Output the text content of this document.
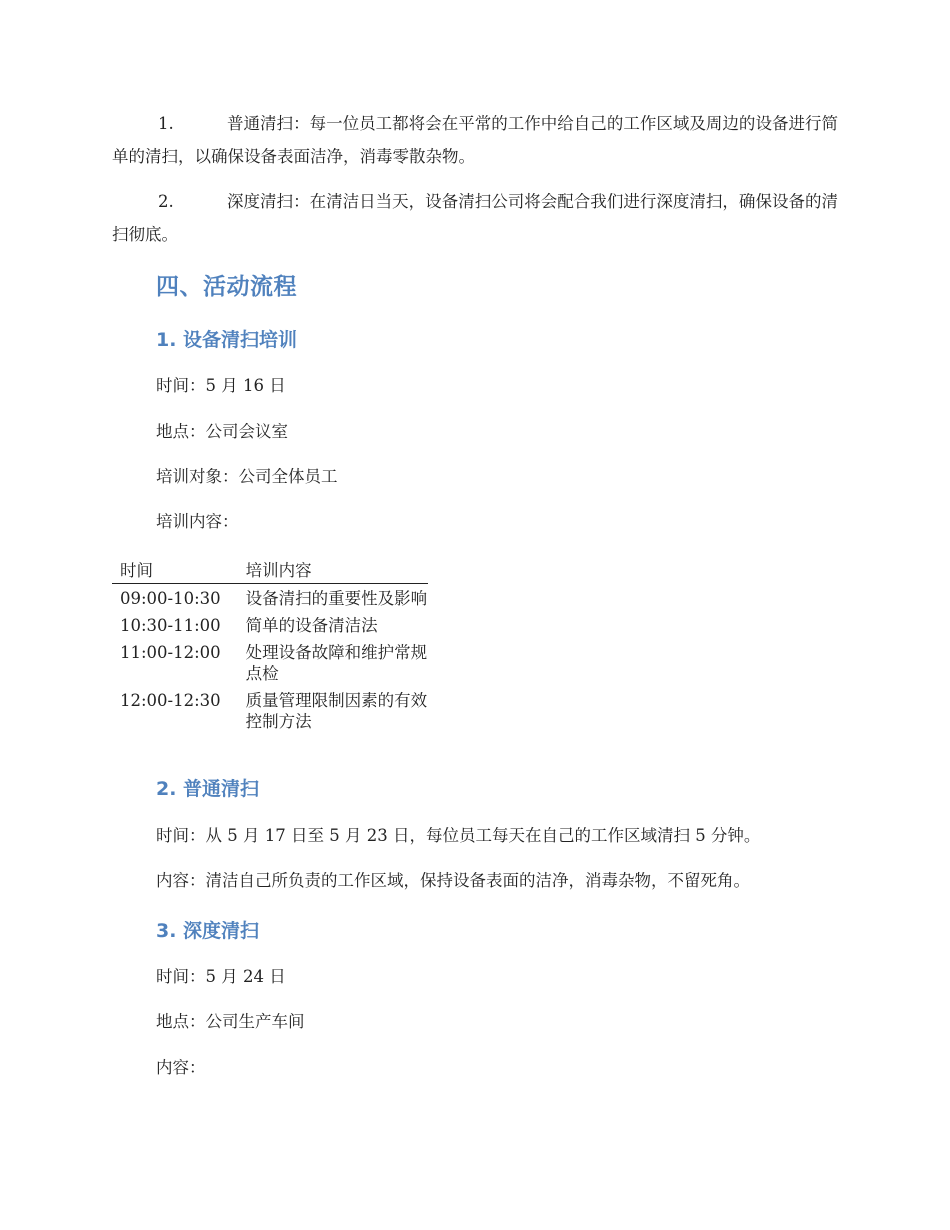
1.	普通清扫：每一位员工都将会在平常的工作中给自己的工作区域及周边的设备进行简单的清扫，以确保设备表面洁净，消毒零散杂物。

2.	深度清扫：在清洁日当天，设备清扫公司将会配合我们进行深度清扫，确保设备的清扫彻底。

四、活动流程
1. 设备清扫培训

时间：5 月 16 日

地点：公司会议室

培训对象：公司全体员工

培训内容：

时间	培训内容
09:00-10:30	设备清扫的重要性及影响
10:30-11:00	简单的设备清洁法
11:00-12:00	处理设备故障和维护常规点检
12:00-12:30	质量管理限制因素的有效控制方法
2. 普通清扫

时间：从 5 月 17 日至 5 月 23 日，每位员工每天在自己的工作区域清扫 5 分钟。

内容：清洁自己所负责的工作区域，保持设备表面的洁净，消毒杂物，不留死角。

3. 深度清扫

时间：5 月 24 日

地点：公司生产车间

内容：
